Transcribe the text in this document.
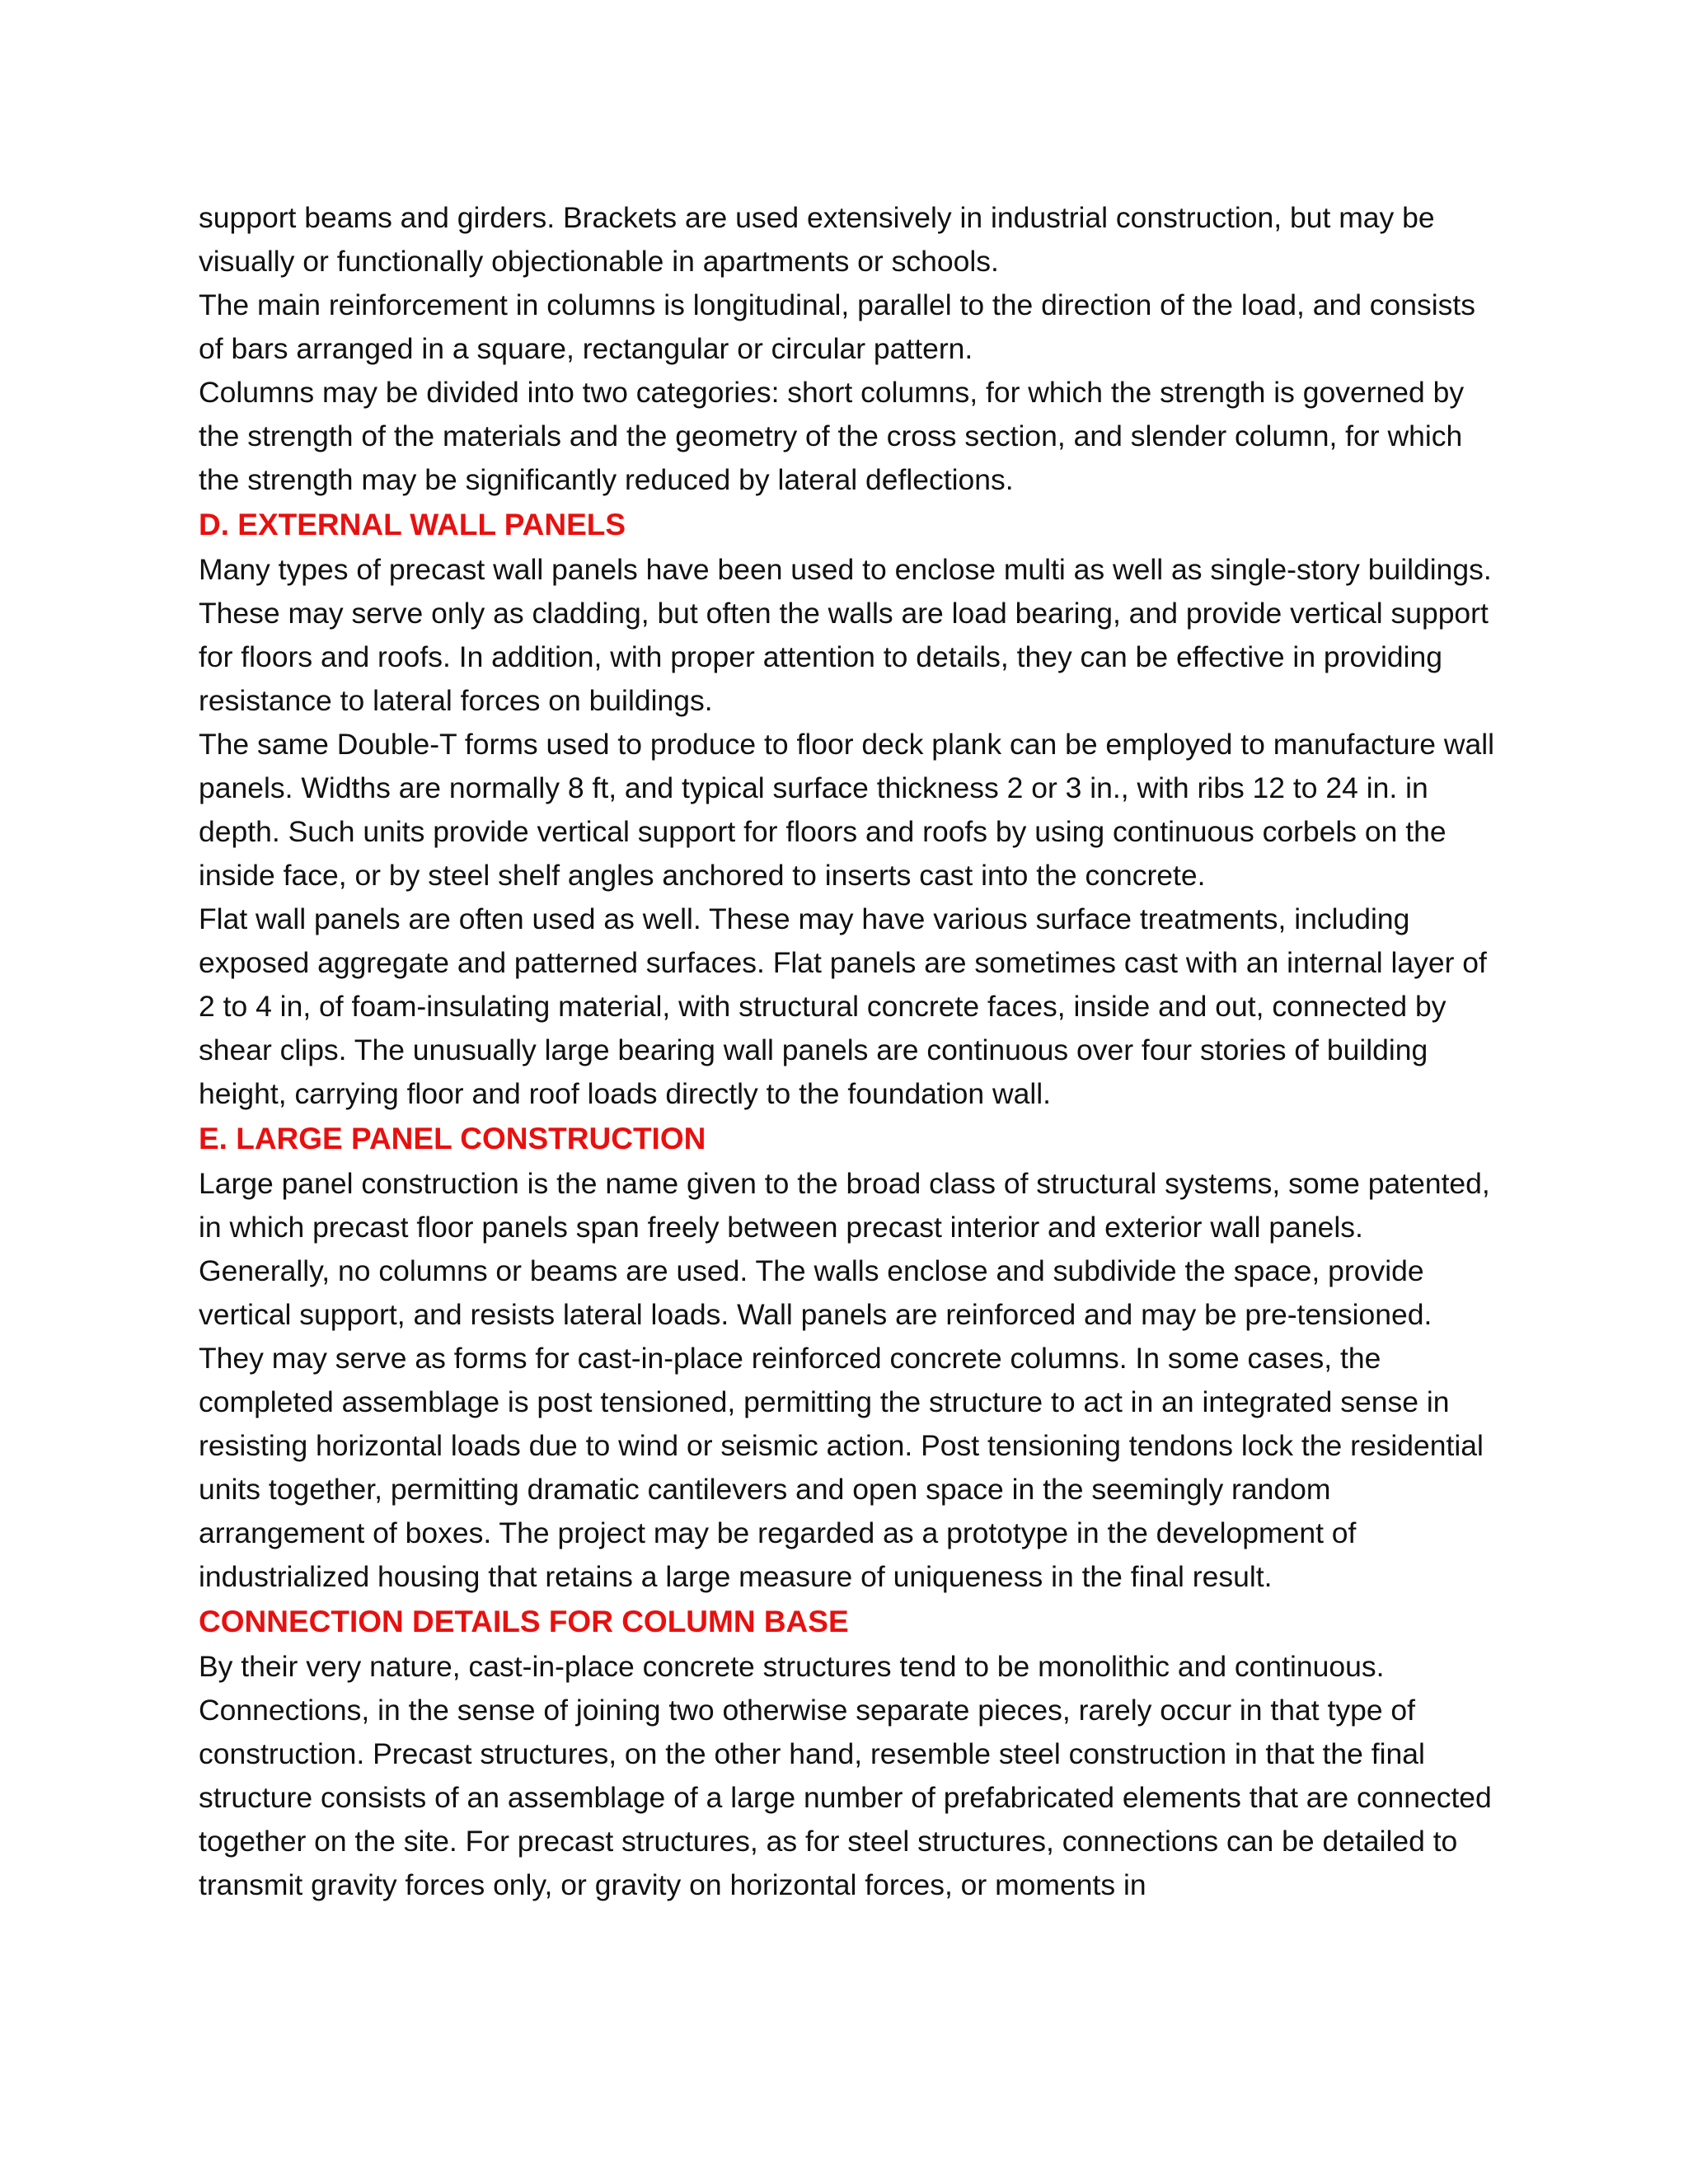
support beams and girders. Brackets are used extensively in industrial construction, but may be visually or functionally objectionable in apartments or schools.

The main reinforcement in columns is longitudinal, parallel to the direction of the load, and consists of bars arranged in a square, rectangular or circular pattern.

Columns may be divided into two categories: short columns, for which the strength is governed by the strength of the materials and the geometry of the cross section, and slender column, for which the strength may be significantly reduced by lateral deflections.

D. EXTERNAL WALL PANELS

Many types of precast wall panels have been used to enclose multi as well as single-story buildings. These may serve only as cladding, but often the walls are load bearing, and provide vertical support for floors and roofs. In addition, with proper attention to details, they can be effective in providing resistance to lateral forces on buildings.

The same Double-T forms used to produce to floor deck plank can be employed to manufacture wall panels. Widths are normally 8 ft, and typical surface thickness 2 or 3 in., with ribs 12 to 24 in. in depth. Such units provide vertical support for floors and roofs by using continuous corbels on the inside face, or by steel shelf angles anchored to inserts cast into the concrete.

Flat wall panels are often used as well. These may have various surface treatments, including exposed aggregate and patterned surfaces. Flat panels are sometimes cast with an internal layer of 2 to 4 in, of foam-insulating material, with structural concrete faces, inside and out, connected by shear clips. The unusually large bearing wall panels are continuous over four stories of building height, carrying floor and roof loads directly to the foundation wall.

E. LARGE PANEL CONSTRUCTION

Large panel construction is the name given to the broad class of structural systems, some patented, in which precast floor panels span freely between precast interior and exterior wall panels. Generally, no columns or beams are used. The walls enclose and subdivide the space, provide vertical support, and resists lateral loads. Wall panels are reinforced and may be pre-tensioned. They may serve as forms for cast-in-place reinforced concrete columns. In some cases, the completed assemblage is post tensioned, permitting the structure to act in an integrated sense in resisting horizontal loads due to wind or seismic action. Post tensioning tendons lock the residential units together, permitting dramatic cantilevers and open space in the seemingly random arrangement of boxes. The project may be regarded as a prototype in the development of industrialized housing that retains a large measure of uniqueness in the final result.

CONNECTION DETAILS FOR COLUMN BASE

By their very nature, cast-in-place concrete structures tend to be monolithic and continuous. Connections, in the sense of joining two otherwise separate pieces, rarely occur in that type of construction. Precast structures, on the other hand, resemble steel construction in that the final structure consists of an assemblage of a large number of prefabricated elements that are connected together on the site. For precast structures, as for steel structures, connections can be detailed to transmit gravity forces only, or gravity on horizontal forces, or moments in
